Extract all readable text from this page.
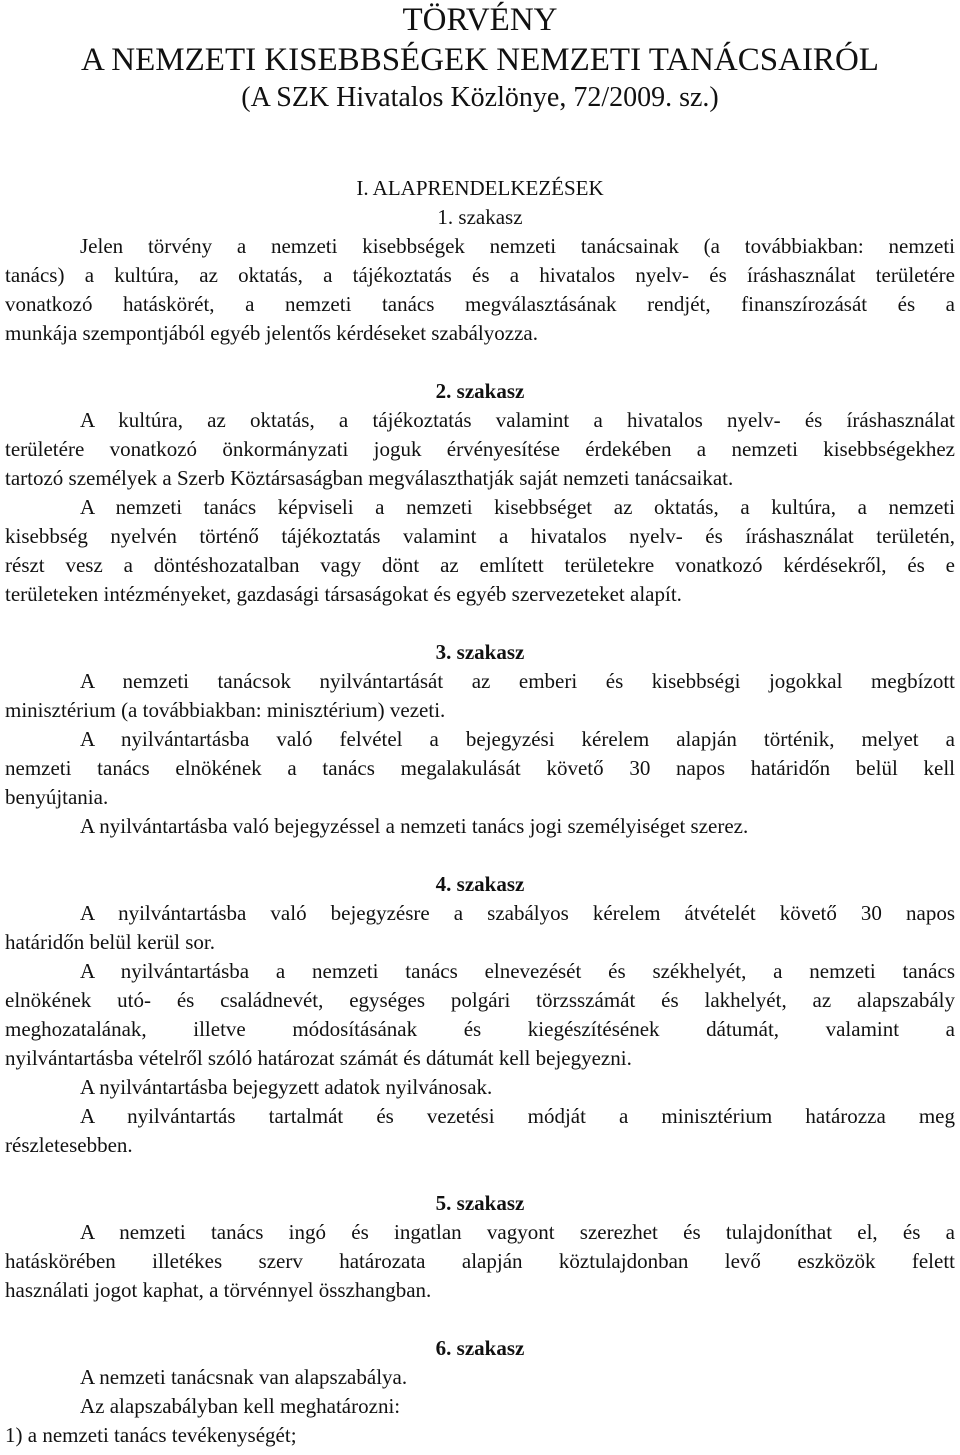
TÖRVÉNY
A NEMZETI KISEBBSÉGEK NEMZETI TANÁCSAIRÓL
(A SZK Hivatalos Közlönye, 72/2009. sz.)
I. ALAPRENDELKEZÉSEK
1. szakasz
Jelen törvény a nemzeti kisebbségek nemzeti tanácsainak (a továbbiakban: nemzeti
tanács) a kultúra, az oktatás, a tájékoztatás és a hivatalos nyelv- és íráshasználat területére
vonatkozó hatáskörét, a nemzeti tanács megválasztásának rendjét, finanszírozását és a
munkája szempontjából egyéb jelentős kérdéseket szabályozza.
2. szakasz
A kultúra, az oktatás, a tájékoztatás valamint a hivatalos nyelv- és íráshasználat
területére vonatkozó önkormányzati joguk érvényesítése érdekében a nemzeti kisebbségekhez
tartozó személyek a Szerb Köztársaságban megválaszthatják saját nemzeti tanácsaikat.
A nemzeti tanács képviseli a nemzeti kisebbséget az oktatás, a kultúra, a nemzeti
kisebbség nyelvén történő tájékoztatás valamint a hivatalos nyelv- és íráshasználat területén,
részt vesz a döntéshozatalban vagy dönt az említett területekre vonatkozó kérdésekről, és e
területeken intézményeket, gazdasági társaságokat és egyéb szervezeteket alapít.
3. szakasz
A nemzeti tanácsok nyilvántartását az emberi és kisebbségi jogokkal megbízott
minisztérium (a továbbiakban: minisztérium) vezeti.
A nyilvántartásba való felvétel a bejegyzési kérelem alapján történik, melyet a
nemzeti tanács elnökének a tanács megalakulását követő 30 napos határidőn belül kell
benyújtania.
A nyilvántartásba való bejegyzéssel a nemzeti tanács jogi személyiséget szerez.
4. szakasz
A nyilvántartásba való bejegyzésre a szabályos kérelem átvételét követő 30 napos
határidőn belül kerül sor.
A nyilvántartásba a nemzeti tanács elnevezését és székhelyét, a nemzeti tanács
elnökének utó- és családnevét, egységes polgári törzsszámát és lakhelyét, az alapszabály
meghozatalának, illetve módosításának és kiegészítésének dátumát, valamint a
nyilvántartásba vételről szóló határozat számát és dátumát kell bejegyezni.
A nyilvántartásba bejegyzett adatok nyilvánosak.
A nyilvántartás tartalmát és vezetési módját a minisztérium határozza meg
részletesebben.
5. szakasz
A nemzeti tanács ingó és ingatlan vagyont szerezhet és tulajdoníthat el, és a
hatáskörében illetékes szerv határozata alapján köztulajdonban levő eszközök felett
használati jogot kaphat, a törvénnyel összhangban.
6. szakasz
A nemzeti tanácsnak van alapszabálya.
Az alapszabályban kell meghatározni:
1) a nemzeti tanács tevékenységét;
